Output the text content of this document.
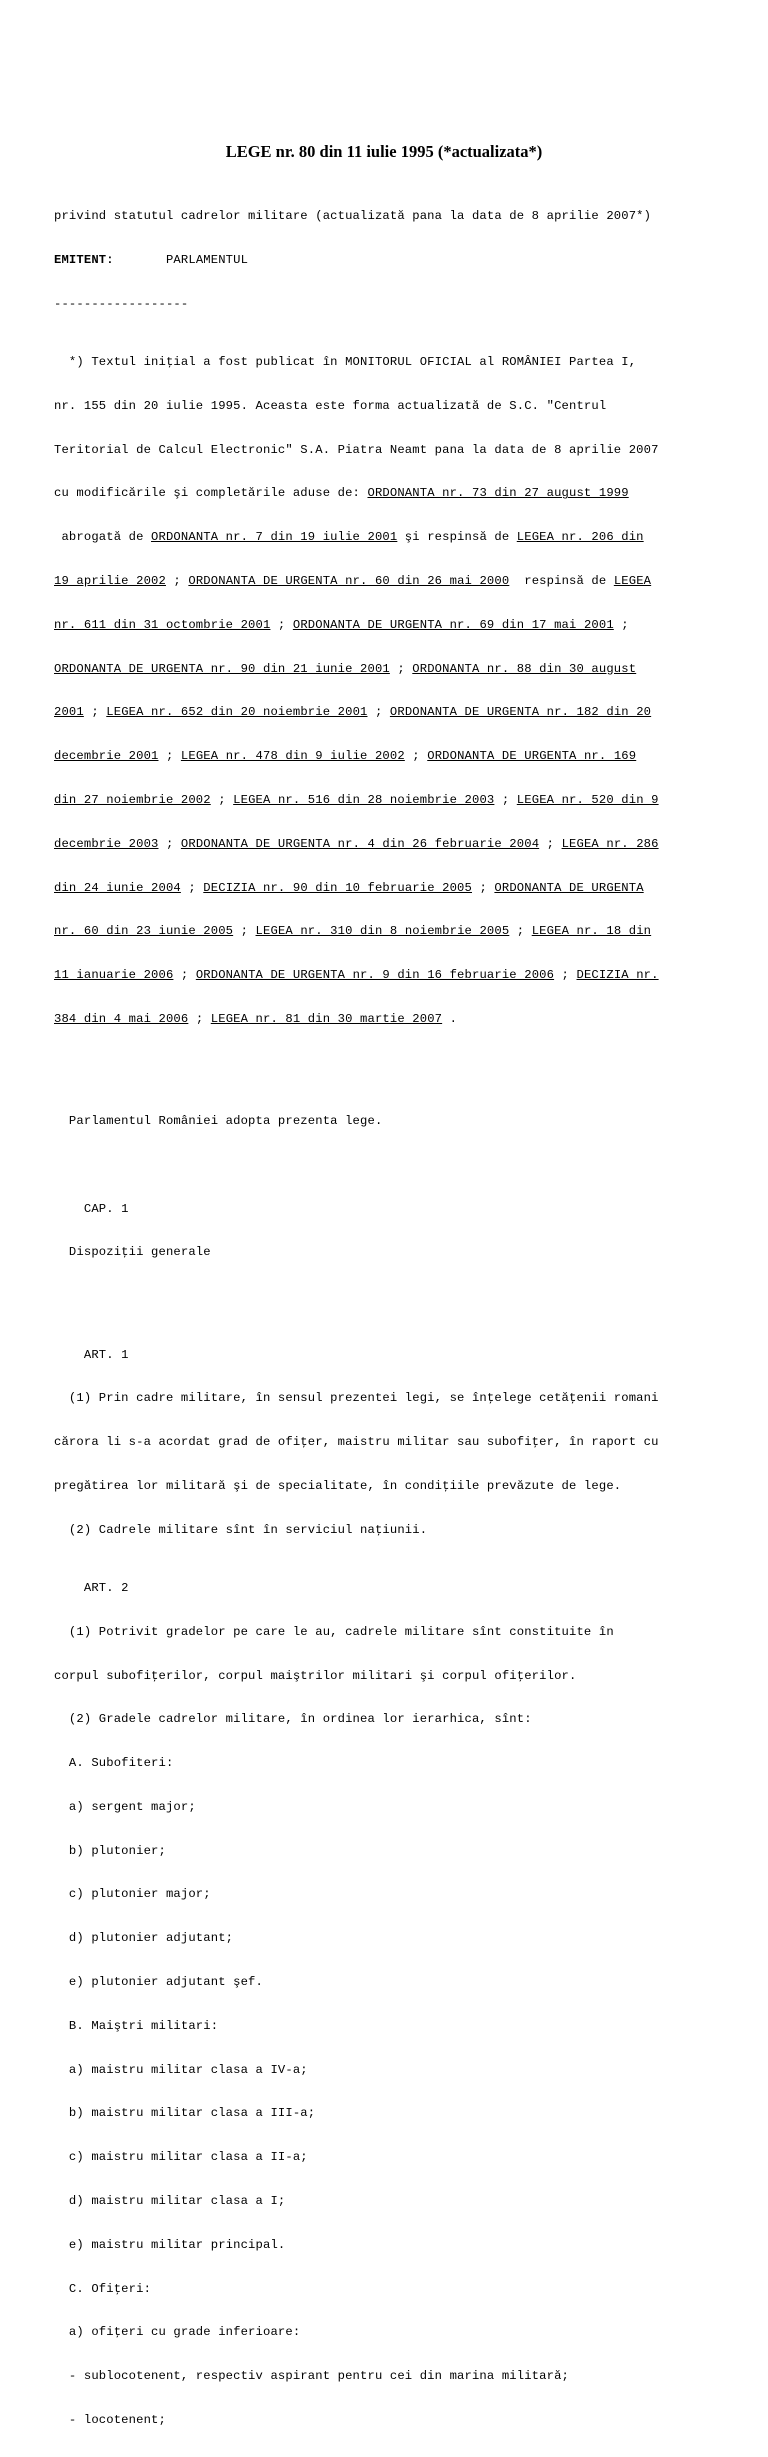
LEGE nr. 80 din 11 iulie 1995 (*actualizata*)

privind statutul cadrelor militare (actualizată pana la data de 8 aprilie 2007*)

EMITENT:	PARLAMENTUL

------------------

*) Textul iniţial a fost publicat în MONITORUL OFICIAL al ROMÂNIEI Partea I,

nr. 155 din 20 iulie 1995. Aceasta este forma actualizată de S.C. "Centrul

Teritorial de Calcul Electronic" S.A. Piatra Neamt pana la data de 8 aprilie 2007

cu modificările şi completările aduse de: ORDONANTA nr. 73 din 27 august 1999

abrogată de ORDONANTA nr. 7 din 19 iulie 2001 şi respinsă de LEGEA nr. 206 din

19 aprilie 2002 ; ORDONANTA DE URGENTA nr. 60 din 26 mai 2000  respinsă de LEGEA

nr. 611 din 31 octombrie 2001 ; ORDONANTA DE URGENTA nr. 69 din 17 mai 2001 ;

ORDONANTA DE URGENTA nr. 90 din 21 iunie 2001 ; ORDONANTA nr. 88 din 30 august

2001 ; LEGEA nr. 652 din 20 noiembrie 2001 ; ORDONANTA DE URGENTA nr. 182 din 20

decembrie 2001 ; LEGEA nr. 478 din 9 iulie 2002 ; ORDONANTA DE URGENTA nr. 169

din 27 noiembrie 2002 ; LEGEA nr. 516 din 28 noiembrie 2003 ; LEGEA nr. 520 din 9

decembrie 2003 ; ORDONANTA DE URGENTA nr. 4 din 26 februarie 2004 ; LEGEA nr. 286

din 24 iunie 2004 ; DECIZIA nr. 90 din 10 februarie 2005 ; ORDONANTA DE URGENTA

nr. 60 din 23 iunie 2005 ; LEGEA nr. 310 din 8 noiembrie 2005 ; LEGEA nr. 18 din

11 ianuarie 2006 ; ORDONANTA DE URGENTA nr. 9 din 16 februarie 2006 ; DECIZIA nr.

384 din 4 mai 2006 ; LEGEA nr. 81 din 30 martie 2007 .

Parlamentul României adopta prezenta lege.

CAP. 1

Dispoziţii generale

ART. 1

(1) Prin cadre militare, în sensul prezentei legi, se înţelege cetăţenii romani

cărora li s-a acordat grad de ofiţer, maistru militar sau subofiţer, în raport cu

pregătirea lor militară şi de specialitate, în condiţiile prevăzute de lege.

(2) Cadrele militare sînt în serviciul naţiunii.

ART. 2

(1) Potrivit gradelor pe care le au, cadrele militare sînt constituite în

corpul subofiţerilor, corpul maiştrilor militari şi corpul ofiţerilor.

(2) Gradele cadrelor militare, în ordinea lor ierarhica, sînt:

A. Subofiteri:

a) sergent major;

b) plutonier;

c) plutonier major;

d) plutonier adjutant;

e) plutonier adjutant şef.

B. Maiştri militari:

a) maistru militar clasa a IV-a;

b) maistru militar clasa a III-a;

c) maistru militar clasa a II-a;

d) maistru militar clasa a I;

e) maistru militar principal.

C. Ofiţeri:

a) ofiţeri cu grade inferioare:

- sublocotenent, respectiv aspirant pentru cei din marina militară;

- locotenent;
